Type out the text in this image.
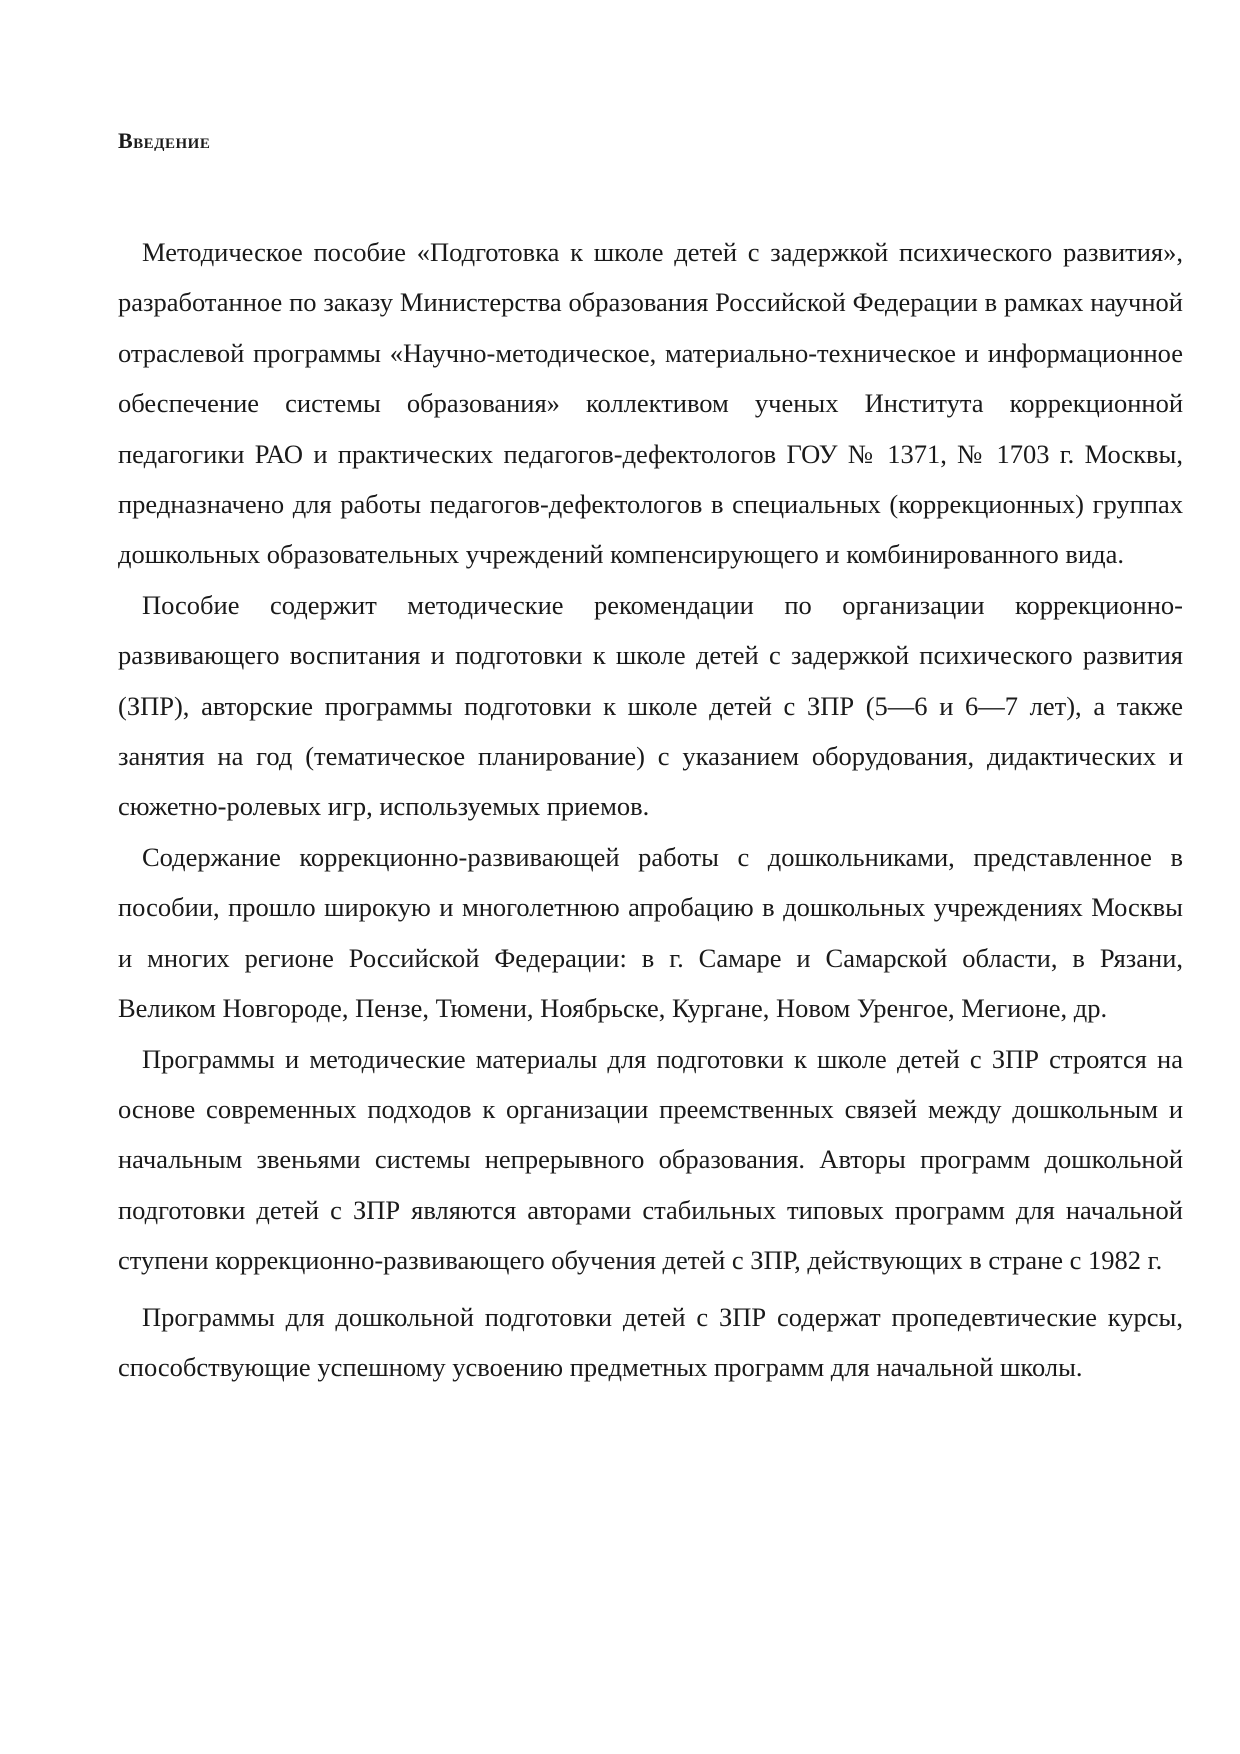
Введение

Методическое пособие «Подготовка к школе детей с задержкой психического развития», разработанное по заказу Министерства образования Российской Федерации в рамках научной отраслевой программы «Научно-методическое, материально-техническое и информационное обеспечение системы образования» коллективом ученых Института коррекционной педагогики РАО и практических педагогов-дефектологов ГОУ № 1371, № 1703 г. Москвы, предназначено для работы педагогов-дефектологов в специальных (коррекционных) группах дошкольных образовательных учреждений компенсирующего и комбинированного вида.

Пособие содержит методические рекомендации по организации коррекционно-развивающего воспитания и подготовки к школе детей с задержкой психического развития (ЗПР), авторские программы подготовки к школе детей с ЗПР (5—6 и 6—7 лет), а также занятия на год (тематическое планирование) с указанием оборудования, дидактических и сюжетно-ролевых игр, используемых приемов.

Содержание коррекционно-развивающей работы с дошкольниками, представленное в пособии, прошло широкую и многолетнюю апробацию в дошкольных учреждениях Москвы и многих регионе Российской Федерации: в г. Самаре и Самарской области, в Рязани, Великом Новгороде, Пензе, Тюмени, Ноябрьске, Кургане, Новом Уренгое, Мегионе, др.

Программы и методические материалы для подготовки к школе детей с ЗПР строятся на основе современных подходов к организации преемственных связей между дошкольным и начальным звеньями системы непрерывного образования. Авторы программ дошкольной подготовки детей с ЗПР являются авторами стабильных типовых программ для начальной ступени коррекционно-развивающего обучения детей с ЗПР, действующих в стране с 1982 г.

Программы для дошкольной подготовки детей с ЗПР содержат пропедевтические курсы, способствующие успешному усвоению предметных программ для начальной школы.
